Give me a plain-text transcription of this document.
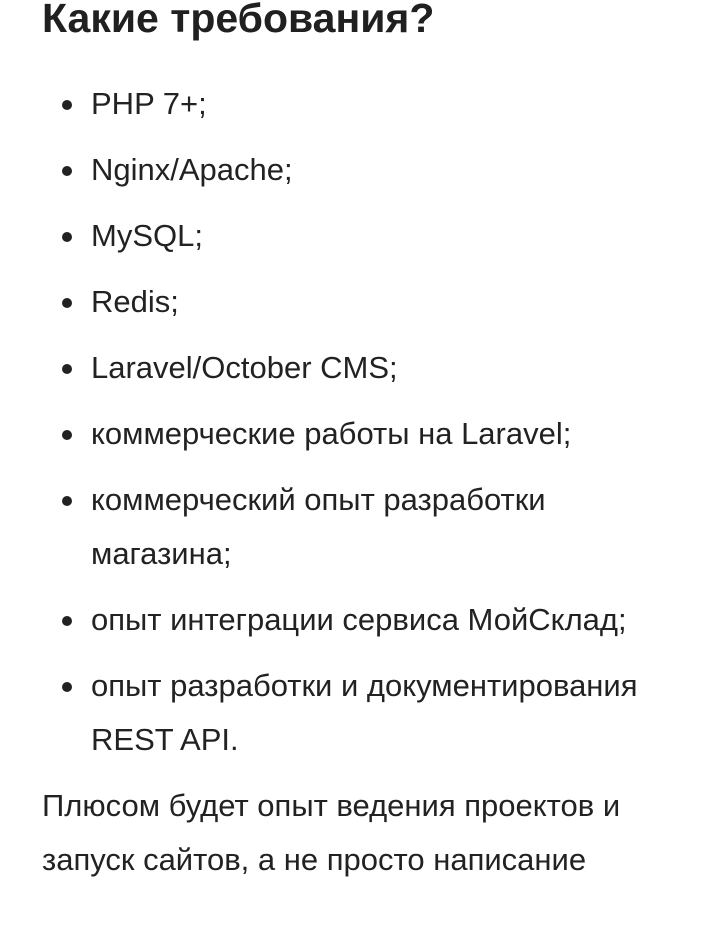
Какие требования?
PHP 7+;
Nginx/Apache;
MySQL;
Redis;
Laravel/October CMS;
коммерческие работы на Laravel;
коммерческий опыт разработки магазина;
опыт интеграции сервиса МойСклад;
опыт разработки и документирования REST API.

Плюсом будет опыт ведения проектов и запуск сайтов, а не просто написание
